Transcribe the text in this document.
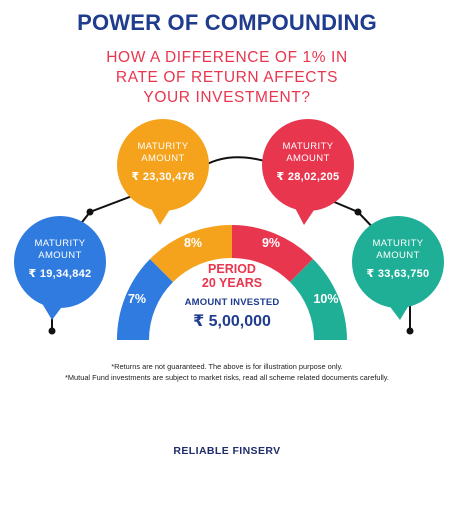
POWER OF COMPOUNDING
HOW A DIFFERENCE OF 1% IN
RATE OF RETURN AFFECTS
YOUR INVESTMENT?
7%
8%	9%
10%
MATURITY
AMOUNT
₹ 19,34,842
MATURITY
AMOUNT
₹ 23,30,478
MATURITY
AMOUNT
₹ 28,02,205
MATURITY
AMOUNT
₹ 33,63,750
PERIOD
20 YEARS
AMOUNT INVESTED
₹ 5,00,000
*Returns are not guaranteed. The above is for illustration purpose only.
*Mutual Fund investments are subject to market risks, read all scheme related documents carefully.
RELIABLE FINSERV
